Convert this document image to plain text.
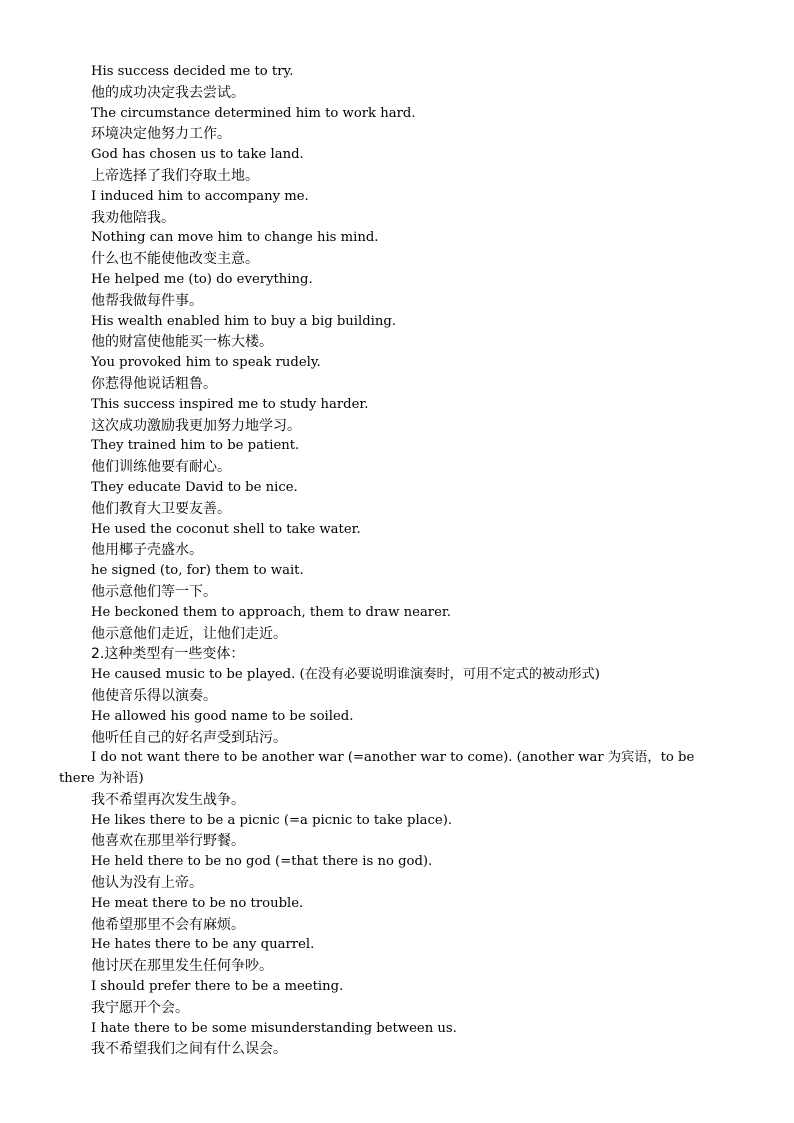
His success decided me to try.

他的成功决定我去尝试。

The circumstance determined him to work hard.

环境决定他努力工作。

God has chosen us to take land.

上帝选择了我们夺取土地。

I induced him to accompany me.

我劝他陪我。

Nothing can move him to change his mind.

什么也不能使他改变主意。

He helped me (to) do everything.

他帮我做每件事。

His wealth enabled him to buy a big building.

他的财富使他能买一栋大楼。

You provoked him to speak rudely.

你惹得他说话粗鲁。

This success inspired me to study harder.

这次成功激励我更加努力地学习。

They trained him to be patient.

他们训练他要有耐心。

They educate David to be nice.

他们教育大卫要友善。

He used the coconut shell to take water.

他用椰子壳盛水。

he signed (to, for) them to wait.

他示意他们等一下。

He beckoned them to approach, them to draw nearer.

他示意他们走近，让他们走近。

2.这种类型有一些变体：

He caused music to be played. (在没有必要说明谁演奏时，可用不定式的被动形式)

他使音乐得以演奏。

He allowed his good name to be soiled.

他听任自己的好名声受到玷污。

I do not want there to be another war (=another war to come). (another war 为宾语，to be there 为补语)

我不希望再次发生战争。

He likes there to be a picnic (=a picnic to take place).

他喜欢在那里举行野餐。

He held there to be no god (=that there is no god).

他认为没有上帝。

He meat there to be no trouble.

他希望那里不会有麻烦。

He hates there to be any quarrel.

他讨厌在那里发生任何争吵。

I should prefer there to be a meeting.

我宁愿开个会。

I hate there to be some misunderstanding between us.

我不希望我们之间有什么误会。
